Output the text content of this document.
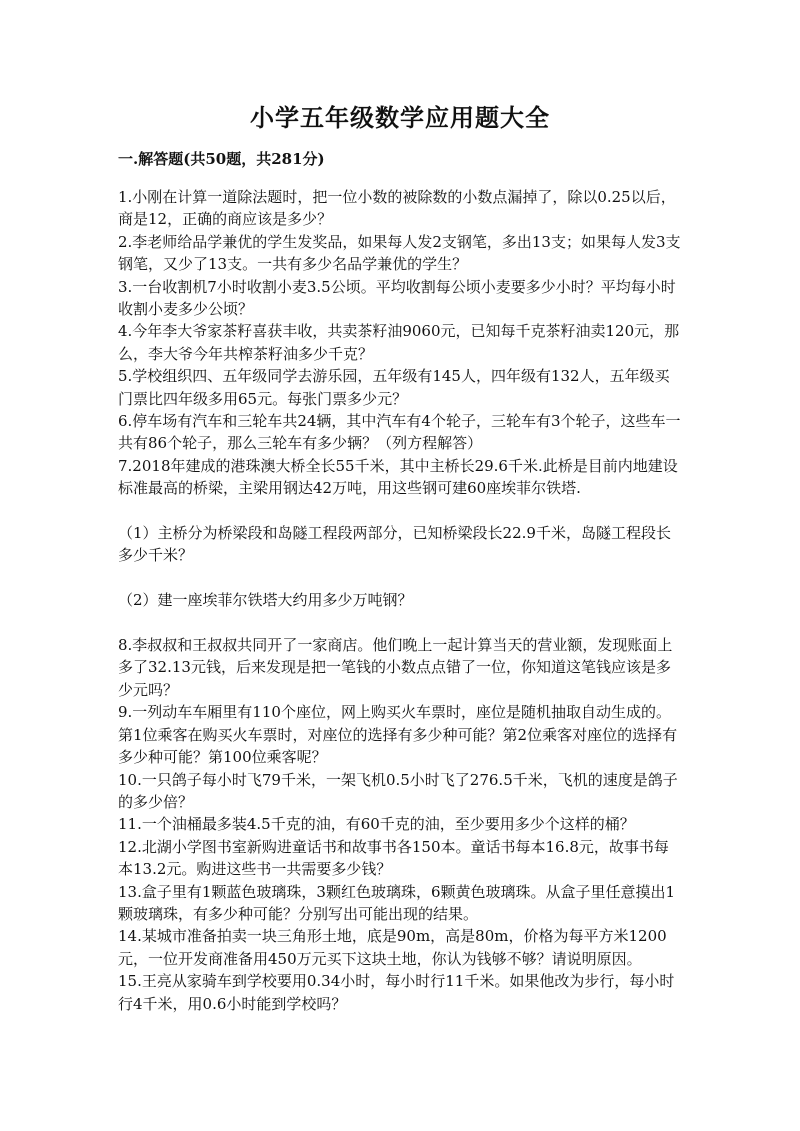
小学五年级数学应用题大全
一.解答题(共50题，共281分)

1.小刚在计算一道除法题时，把一位小数的被除数的小数点漏掉了，除以0.25以后，商是12，正确的商应该是多少？

2.李老师给品学兼优的学生发奖品，如果每人发2支钢笔，多出13支；如果每人发3支钢笔，又少了13支。一共有多少名品学兼优的学生？

3.一台收割机7小时收割小麦3.5公顷。平均收割每公顷小麦要多少小时？平均每小时收割小麦多少公顷？

4.今年李大爷家茶籽喜获丰收，共卖茶籽油9060元，已知每千克茶籽油卖120元，那么，李大爷今年共榨茶籽油多少千克？

5.学校组织四、五年级同学去游乐园，五年级有145人，四年级有132人，五年级买门票比四年级多用65元。每张门票多少元？

6.停车场有汽车和三轮车共24辆，其中汽车有4个轮子，三轮车有3个轮子，这些车一共有86个轮子，那么三轮车有多少辆？（列方程解答）

7.2018年建成的港珠澳大桥全长55千米，其中主桥长29.6千米.此桥是目前内地建设标准最高的桥梁，主梁用钢达42万吨，用这些钢可建60座埃菲尔铁塔.

（1）主桥分为桥梁段和岛隧工程段两部分，已知桥梁段长22.9千米，岛隧工程段长多少千米？

（2）建一座埃菲尔铁塔大约用多少万吨钢？

8.李叔叔和王叔叔共同开了一家商店。他们晚上一起计算当天的营业额，发现账面上多了32.13元钱，后来发现是把一笔钱的小数点点错了一位，你知道这笔钱应该是多少元吗？

9.一列动车车厢里有110个座位，网上购买火车票时，座位是随机抽取自动生成的。第1位乘客在购买火车票时，对座位的选择有多少种可能？第2位乘客对座位的选择有多少种可能？第100位乘客呢？

10.一只鸽子每小时飞79千米，一架飞机0.5小时飞了276.5千米，飞机的速度是鸽子的多少倍？

11.一个油桶最多装4.5千克的油，有60千克的油，至少要用多少个这样的桶？

12.北湖小学图书室新购进童话书和故事书各150本。童话书每本16.8元，故事书每本13.2元。购进这些书一共需要多少钱？

13.盒子里有1颗蓝色玻璃珠，3颗红色玻璃珠，6颗黄色玻璃珠。从盒子里任意摸出1颗玻璃珠，有多少种可能？分别写出可能出现的结果。

14.某城市准备拍卖一块三角形土地，底是90m，高是80m，价格为每平方米1200元，一位开发商准备用450万元买下这块土地，你认为钱够不够？请说明原因。

15.王亮从家骑车到学校要用0.34小时，每小时行11千米。如果他改为步行，每小时行4千米，用0.6小时能到学校吗？
